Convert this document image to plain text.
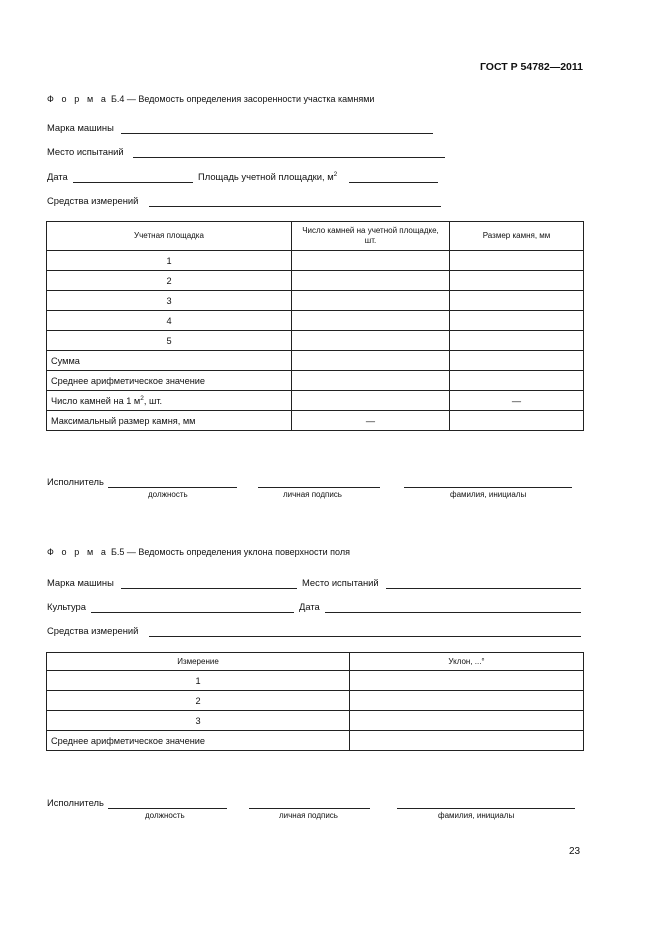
ГОСТ Р 54782—2011
Ф о р м а Б.4 — Ведомость определения засоренности участка камнями
Марка машины
Место испытаний
Дата	Площадь учетной площадки, $м^2$
Средства измерений
Учетная площадка	Число камней на учетной площадке, шт.	Размер камня, мм
1		
2		
3		
4		
5		
Сумма		
Среднее арифметическое значение		
Число камней на 1 $м^2$, шт.		—
Максимальный размер камня, мм	—	
Исполнитель
должность	личная подпись	фамилия, инициалы
Ф о р м а Б.5 — Ведомость определения уклона поверхности поля
Марка машины	Место испытаний
Культура	Дата
Средства измерений
Измерение	Уклон, ...°
1	
2	
3	
Среднее арифметическое значение	
Исполнитель
должность	личная подпись	фамилия, инициалы
23
